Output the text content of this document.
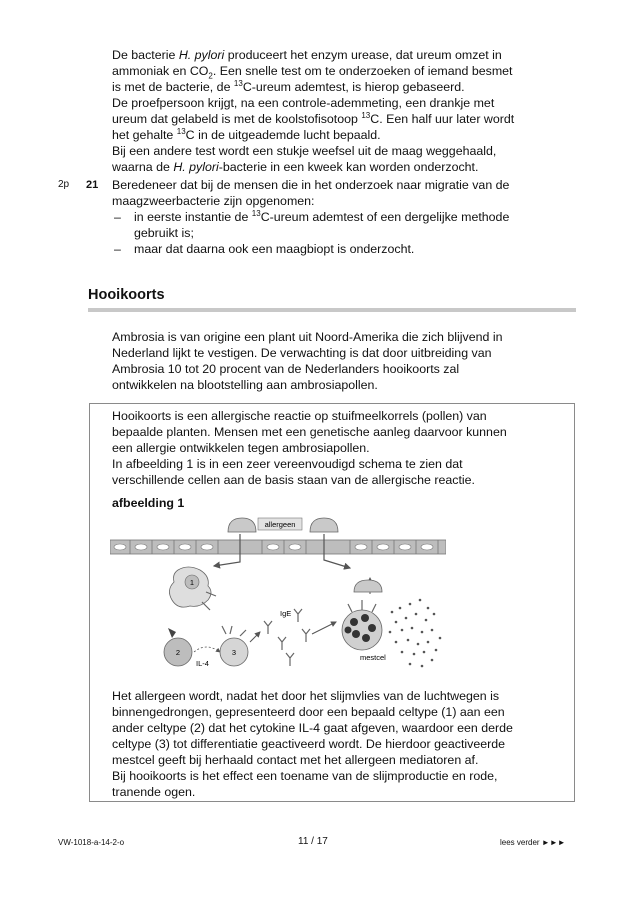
De bacterie H. pylori produceert het enzym urease, dat ureum omzet in

ammoniak en $CO_2$. Een snelle test om te onderzoeken of iemand besmet

is met de bacterie, de $^{13}$C-ureum ademtest, is hierop gebaseerd.

De proefpersoon krijgt, na een controle-ademmeting, een drankje met

ureum dat gelabeld is met de koolstofisotoop $^{13}$C. Een half uur later wordt

het gehalte $^{13}$C in de uitgeademde lucht bepaald.

Bij een andere test wordt een stukje weefsel uit de maag weggehaald,

waarna de H. pylori-bacterie in een kweek kan worden onderzocht.

2p 21 Beredeneer dat bij de mensen die in het onderzoek naar migratie van de

maagzweerbacterie zijn opgenomen:

– in eerste instantie de $^{13}$C-ureum ademtest of een dergelijke methode

gebruikt is;

– maar dat daarna ook een maagbiopt is onderzocht.

Hooikoorts

Ambrosia is van origine een plant uit Noord-Amerika die zich blijvend in

Nederland lijkt te vestigen. De verwachting is dat door uitbreiding van

Ambrosia 10 tot 20 procent van de Nederlanders hooikoorts zal

ontwikkelen na blootstelling aan ambrosiapollen.

Hooikoorts is een allergische reactie op stuifmeelkorrels (pollen) van

bepaalde planten. Mensen met een genetische aanleg daarvoor kunnen

een allergie ontwikkelen tegen ambrosiapollen.

In afbeelding 1 is in een zeer vereenvoudigd schema te zien dat

verschillende cellen aan de basis staan van de allergische reactie.

afbeelding 1
allergeen
1
2
IL-4
3
IgE
mestcel

Het allergeen wordt, nadat het door het slijmvlies van de luchtwegen is

binnengedrongen, gepresenteerd door een bepaald celtype (1) aan een

ander celtype (2) dat het cytokine IL-4 gaat afgeven, waardoor een derde

celtype (3) tot differentiatie geactiveerd wordt. De hierdoor geactiveerde

mestcel geeft bij herhaald contact met het allergeen mediatoren af.

Bij hooikoorts is het effect een toename van de slijmproductie en rode,

tranende ogen.

VW-1018-a-14-2-o	11 / 17	lees verder ►►►
